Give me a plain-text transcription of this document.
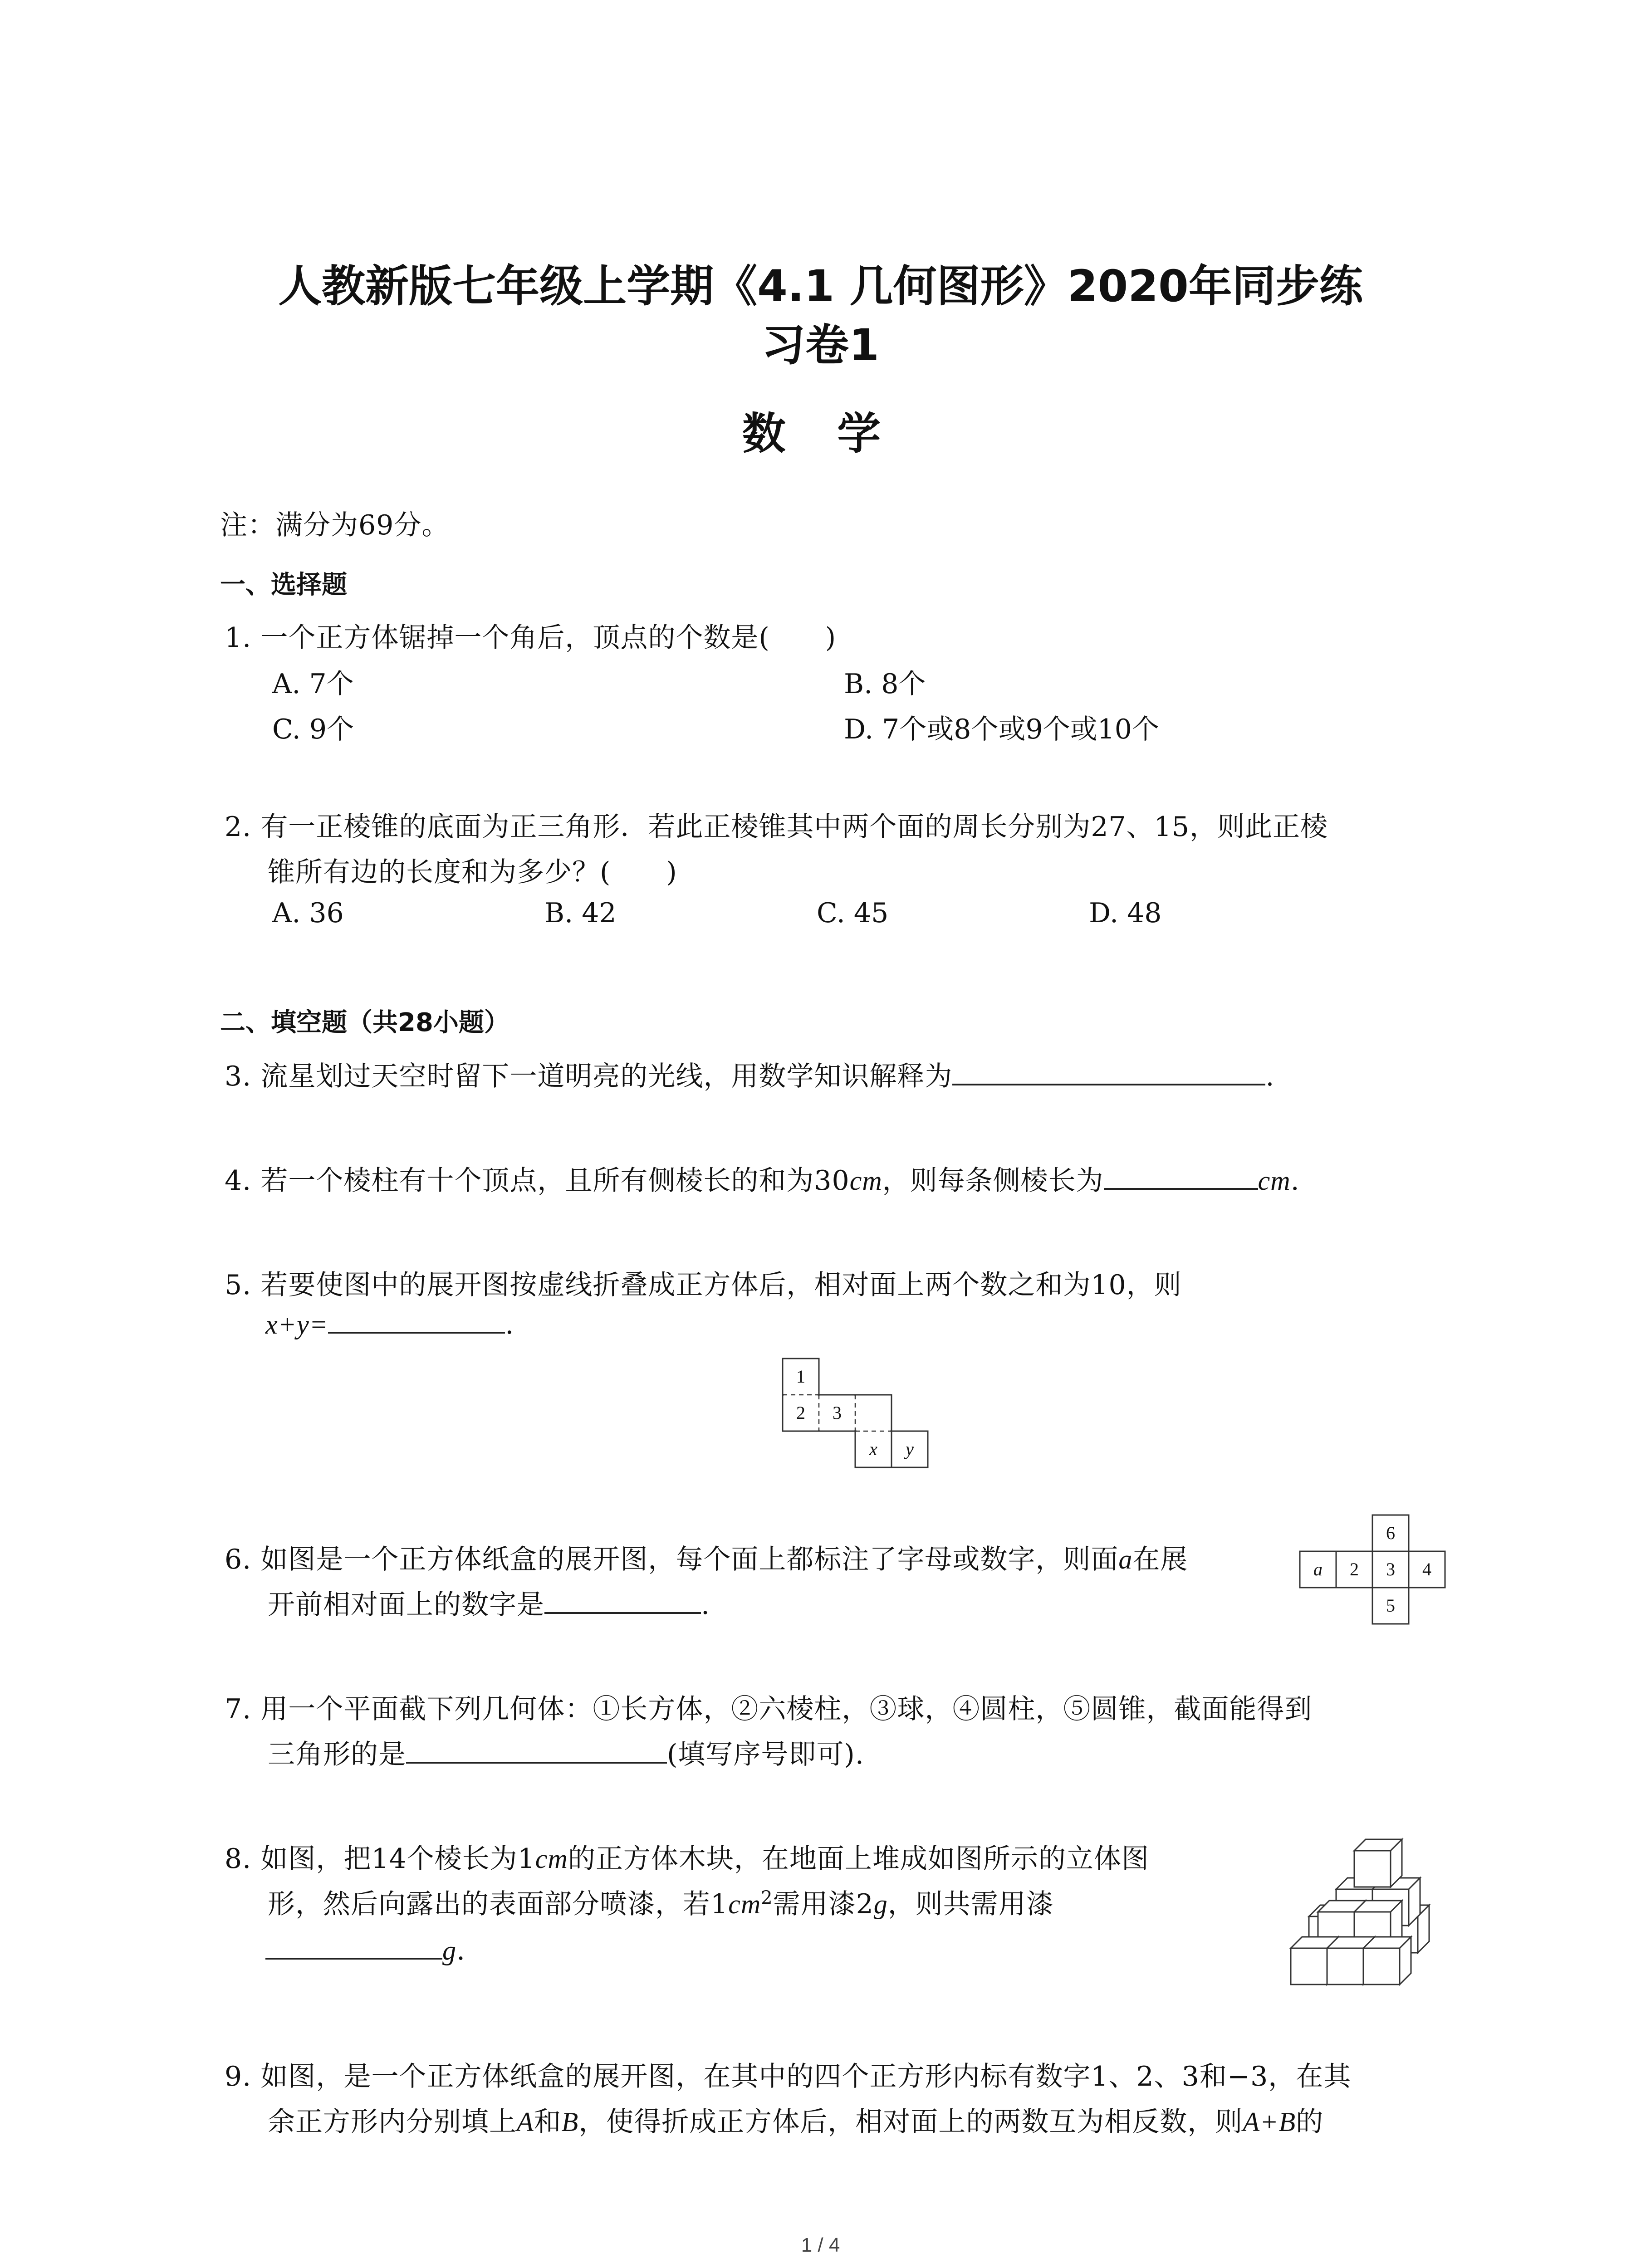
人教新版七年级上学期《4.1 几何图形》2020年同步练
习卷1
数 学
注：满分为69分。
一、选择题
1. 一个正方体锯掉一个角后，顶点的个数是(　　)
A. 7个	B. 8个
C. 9个	D. 7个或8个或9个或10个
2. 有一正棱锥的底面为正三角形．若此正棱锥其中两个面的周长分别为27、15，则此正棱
锥所有边的长度和为多少？(　　)
A. 36	B. 42	C. 45	D. 48
二、填空题（共28小题）
3. 流星划过天空时留下一道明亮的光线，用数学知识解释为	.
4. 若一个棱柱有十个顶点，且所有侧棱长的和为30cm，则每条侧棱长为	cm.
5. 若要使图中的展开图按虚线折叠成正方体后，相对面上两个数之和为10，则
x+y=	.
1
2 3
x y
6. 如图是一个正方体纸盒的展开图，每个面上都标注了字母或数字，则面a在展
开前相对面上的数字是	.
6
a 2 3 4
5
7. 用一个平面截下列几何体：①长方体，②六棱柱，③球，④圆柱，⑤圆锥，截面能得到
三角形的是	(填写序号即可).
8. 如图，把14个棱长为1cm的正方体木块，在地面上堆成如图所示的立体图
形，然后向露出的表面部分喷漆，若$1cm^2$需用漆2g，则共需用漆
g.
9. 如图，是一个正方体纸盒的展开图，在其中的四个正方形内标有数字1、2、3和−3，在其
余正方形内分别填上A和B，使得折成正方体后，相对面上的两数互为相反数，则A+B的
1 / 4
